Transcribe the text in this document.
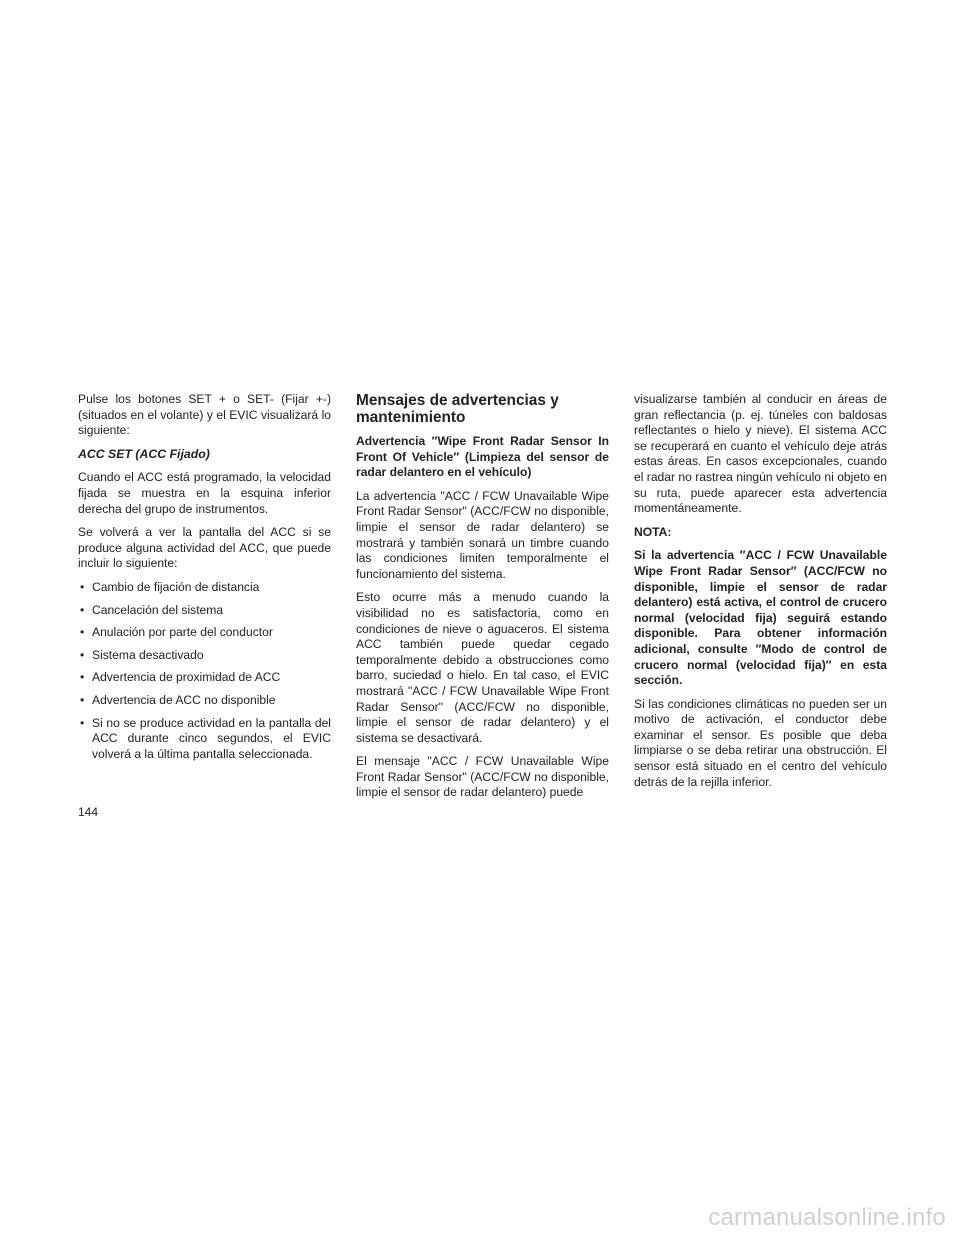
Pulse los botones SET + o SET- (Fijar +-) (situados en el volante) y el EVIC visualizará lo siguiente:

ACC SET (ACC Fijado)

Cuando el ACC está programado, la velocidad fijada se muestra en la esquina inferior derecha del grupo de instrumentos.

Se volverá a ver la pantalla del ACC si se produce alguna actividad del ACC, que puede incluir lo siguiente:

• Cambio de fijación de distancia
• Cancelación del sistema
• Anulación por parte del conductor
• Sistema desactivado
• Advertencia de proximidad de ACC
• Advertencia de ACC no disponible
• Si no se produce actividad en la pantalla del ACC durante cinco segundos, el EVIC volverá a la última pantalla seleccionada.
Mensajes de advertencias y mantenimiento

Advertencia ″Wipe Front Radar Sensor In Front Of Vehicle″ (Limpieza del sensor de radar delantero en el vehículo)

La advertencia "ACC / FCW Unavailable Wipe Front Radar Sensor" (ACC/FCW no disponible, limpie el sensor de radar delantero) se mostrará y también sonará un timbre cuando las condiciones limiten temporalmente el funcionamiento del sistema.

Esto ocurre más a menudo cuando la visibilidad no es satisfactoria, como en condiciones de nieve o aguaceros. El sistema ACC también puede quedar cegado temporalmente debido a obstrucciones como barro, suciedad o hielo. En tal caso, el EVIC mostrará "ACC / FCW Unavailable Wipe Front Radar Sensor" (ACC/FCW no disponible, limpie el sensor de radar delantero) y el sistema se desactivará.

El mensaje "ACC / FCW Unavailable Wipe Front Radar Sensor" (ACC/FCW no disponible, limpie el sensor de radar delantero) puede

visualizarse también al conducir en áreas de gran reflectancia (p. ej. túneles con baldosas reflectantes o hielo y nieve). El sistema ACC se recuperará en cuanto el vehículo deje atrás estas áreas. En casos excepcionales, cuando el radar no rastrea ningún vehículo ni objeto en su ruta, puede aparecer esta advertencia momentáneamente.

NOTA:

Si la advertencia ″ACC / FCW Unavailable Wipe Front Radar Sensor″ (ACC/FCW no disponible, limpie el sensor de radar delantero) está activa, el control de crucero normal (velocidad fija) seguirá estando disponible. Para obtener información adicional, consulte ″Modo de control de crucero normal (velocidad fija)″ en esta sección.

Si las condiciones climáticas no pueden ser un motivo de activación, el conductor debe examinar el sensor. Es posible que deba limpiarse o se deba retirar una obstrucción. El sensor está situado en el centro del vehículo detrás de la rejilla inferior.

144
carmanualsonline.info
